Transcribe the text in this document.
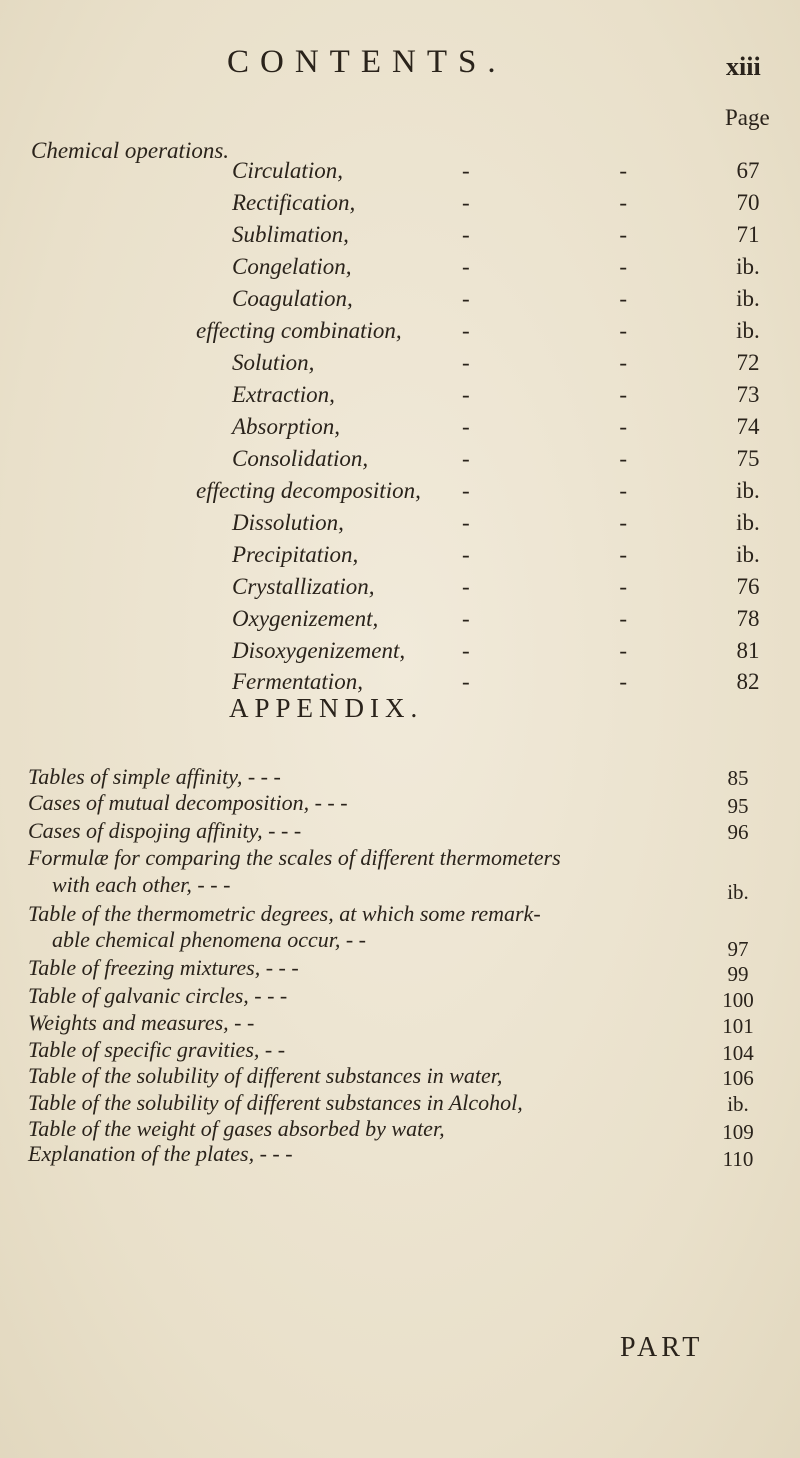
CONTENTS.	xiii
Page
Chemical operations.
Circulation,	- -	67
Rectification,	- -	70
Sublimation,	- -	71
Congelation,	- -	ib.
Coagulation,	- -	ib.
effecting combination,	- -	ib.
Solution,	- -	72
Extraction,	- -	73
Absorption,	- -	74
Consolidation,	- -	75
effecting decomposition, - -	ib.
Dissolution,	- -	ib.
Precipitation,	- -	ib.
Crystallization,	- -	76
Oxygenizement,	- -	78
Disoxygenizement, - -	81
Fermentation,	- -	82
APPENDIX.
Tables of simple affinity, - - -	85
Cases of mutual decomposition, - - -	95
Cases of dispojing affinity, - - -	96
Formulæ for comparing the scales of different thermometers
with each other, - - -	ib.
Table of the thermometric degrees, at which some remark-
able chemical phenomena occur, - -	97
Table of freezing mixtures, - - -	99
Table of galvanic circles, - - -	100
Weights and measures, - -	101
Table of specific gravities, - -	104
Table of the solubility of different substances in water,	106
Table of the solubility of different substances in Alcohol,	ib.
Table of the weight of gases absorbed by water,	109
Explanation of the plates, - - -	110
PART
